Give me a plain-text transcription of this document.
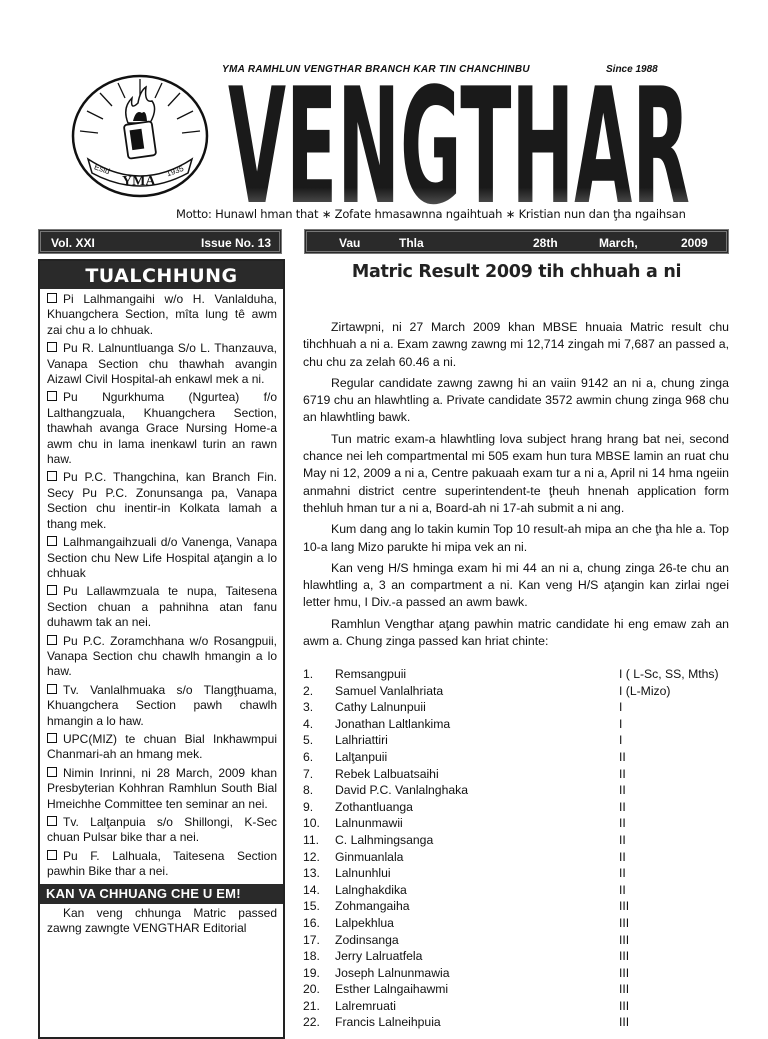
Estd
YMA
1935 VENGTHAR
YMA RAMHLUN VENGTHAR BRANCH KAR TIN CHANCHINBU	Since 1988
Motto: Hunawl hman that ∗ Zofate hmasawnna ngaihtuah ∗ Kristian nun dan ţha ngaihsan
Vol. XXI	Issue No. 13	Vau	Thla	28th	March,	2009
TUALCHHUNG
Pi Lalhmangaihi w/o H. Vanlalduha, Khuangchera Section, mîta lung tê awm zai chu a lo chhuak.
Pu R. Lalnuntluanga S/o L. Thanzauva, Vanapa Section chu thawhah avangin Aizawl Civil Hospital-ah enkawl mek a ni.
Pu Ngurkhuma (Ngurtea) f/o Lalthangzuala, Khuangchera Section, thawhah avanga Grace Nursing Home-a awm chu in lama inenkawl turin an rawn haw.
Pu P.C. Thangchina, kan Branch Fin. Secy Pu P.C. Zonunsanga pa, Vanapa Section chu inentir-in Kolkata lamah a thang mek.
Lalhmangaihzuali d/o Vanenga, Vanapa Section chu New Life Hospital aţangin a lo chhuak
Pu Lallawmzuala te nupa, Taitesena Section chuan a pahnihna atan fanu duhawm tak an nei.
Pu P.C. Zoramchhana w/o Rosangpuii, Vanapa Section chu chawlh hmangin a lo haw.
Tv. Vanlalhmuaka s/o Tlangţhuama, Khuangchera Section pawh chawlh hmangin a lo haw.
UPC(MIZ) te chuan Bial Inkhawmpui Chanmari-ah an hmang mek.
Nimin Inrinni, ni 28 March, 2009 khan Presbyterian Kohhran Ramhlun South Bial Hmeichhe Committee ten seminar an nei.
Tv. Lalţanpuia s/o Shillongi, K-Sec chuan Pulsar bike thar a nei.
Pu F. Lalhuala, Taitesena Section pawhin Bike thar a nei.
KAN VA CHHUANG CHE U EM!
Kan veng chhunga Matric passed zawng zawngte VENGTHAR Editorial
Matric Result 2009 tih chhuah a ni

Zirtawpni, ni 27 March 2009 khan MBSE hnuaia Matric result chu tihchhuah a ni a. Exam zawng zawng mi 12,714 zingah mi 7,687 an passed a, chu chu za zelah 60.46 a ni.

Regular candidate zawng zawng hi an vaiin 9142 an ni a, chung zinga 6719 chu an hlawhtling a. Private candidate 3572 awmin chung zinga 968 chu an hlawhtling bawk.

Tun matric exam-a hlawhtling lova subject hrang hrang bat nei, second chance nei leh compartmental mi 505 exam hun tura MBSE lamin an ruat chu May ni 12, 2009 a ni a, Centre pakuaah exam tur a ni a, April ni 14 hma ngeiin anmahni district centre superintendent-te ţheuh hnenah application form thehluh hman tur a ni a, Board-ah ni 17-ah submit a ni ang.

Kum dang ang lo takin kumin Top 10 result-ah mipa an che ţha hle a. Top 10-a lang Mizo parukte hi mipa vek an ni.

Kan veng H/S hminga exam hi mi 44 an ni a, chung zinga 26-te chu an hlawhtling a, 3 an compartment a ni. Kan veng H/S aţangin kan zirlai ngei letter hmu, I Div.-a passed an awm bawk.

Ramhlun Vengthar aţang pawhin matric candidate hi eng emaw zah an awm a. Chung zinga passed kan hriat chinte:

1. Remsangpuii	I ( L-Sc, SS, Mths)
2. Samuel Vanlalhriata	I (L-Mizo)
3. Cathy Lalnunpuii	I
4. Jonathan Laltlankima	I
5. Lalhriattiri	I
6. Lalţanpuii	II
7. Rebek Lalbuatsaihi	II
8. David P.C. Vanlalnghaka	II
9. Zothantluanga	II
10. Lalnunmawii	II
11. C. Lalhmingsanga	II
12. Ginmuanlala	II
13. Lalnunhlui	II
14. Lalnghakdika	II
15. Zohmangaiha	III
16. Lalpekhlua	III
17. Zodinsanga	III
18. Jerry Lalruatfela	III
19. Joseph Lalnunmawia	III
20. Esther Lalngaihawmi	III
21. Lalremruati	III
22. Francis Lalneihpuia	III
